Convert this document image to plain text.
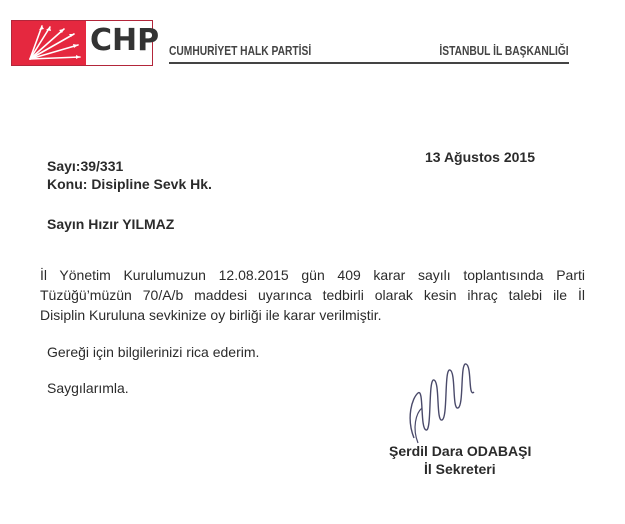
CHP CUMHURİYET HALK PARTİSİ	İSTANBUL İL BAŞKANLIĞI
Sayı:39/331
Konu: Disipline Sevk Hk.
13 Ağustos 2015
Sayın Hızır YILMAZ
İl Yönetim Kurulumuzun 12.08.2015 gün 409 karar sayılı toplantısında Parti
Tüzüğü’müzün 70/A/b maddesi uyarınca tedbirli olarak kesin ihraç talebi ile İl
Disiplin Kuruluna sevkinize oy birliği ile karar verilmiştir.
Gereği için bilgilerinizi rica ederim.
Saygılarımla.
Şerdil Dara ODABAŞI
İl Sekreteri
